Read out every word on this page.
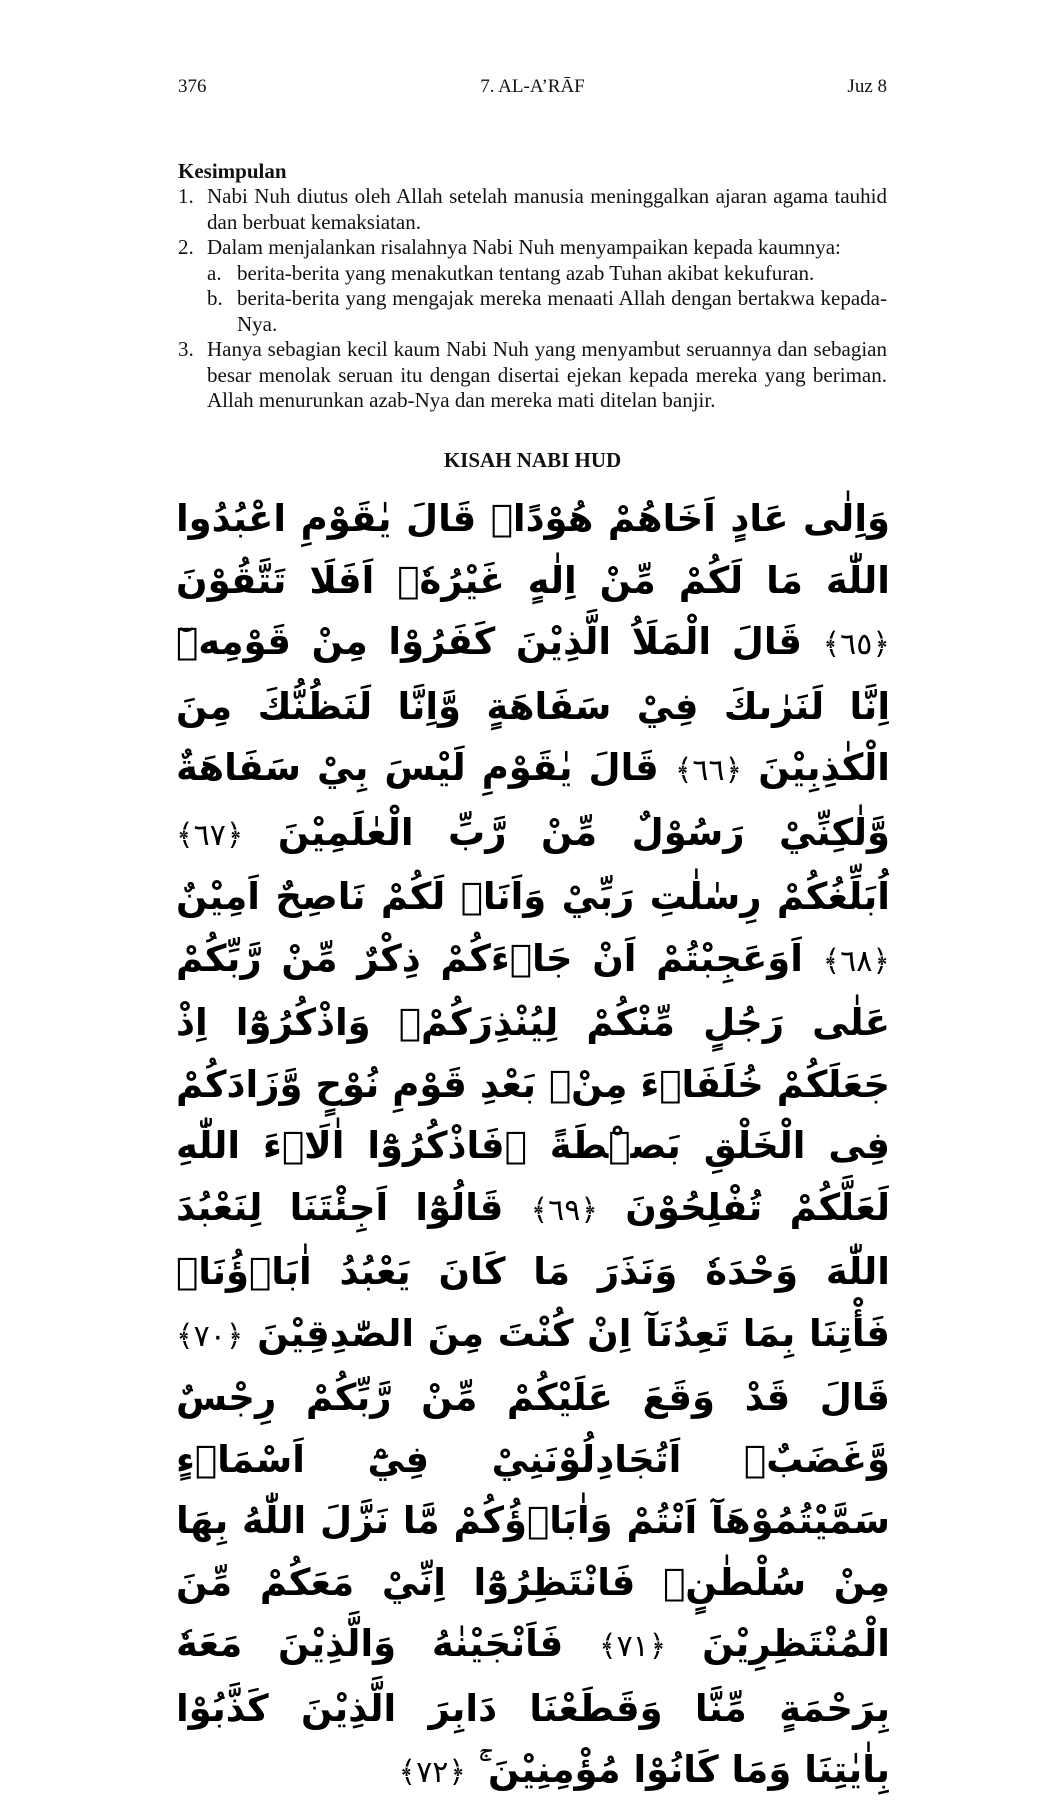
376	7. AL-A’RĀF	Juz 8
Kesimpulan
1. Nabi Nuh diutus oleh Allah setelah manusia meninggalkan ajaran agama tauhid dan berbuat kemaksiatan.
2. Dalam menjalankan risalahnya Nabi Nuh menyampaikan kepada kaumnya:
a. berita-berita yang menakutkan tentang azab Tuhan akibat kekufuran.
b. berita-berita yang mengajak mereka menaati Allah dengan bertakwa kepada-Nya.
3. Hanya sebagian kecil kaum Nabi Nuh yang menyambut seruannya dan sebagian besar menolak seruan itu dengan disertai ejekan kepada mereka yang beriman. Allah menurunkan azab-Nya dan mereka mati ditelan banjir.
KISAH NABI HUD
وَاِلٰى عَادٍ اَخَاهُمْ هُوْدًاۗ قَالَ يٰقَوْمِ اعْبُدُوا اللّٰهَ مَا لَكُمْ مِّنْ اِلٰهٍ غَيْرُهٗۗ اَفَلَا تَتَّقُوْنَ ﴿٦٥﴾ قَالَ الْمَلَاُ الَّذِيْنَ كَفَرُوْا مِنْ قَوْمِهٖٓ اِنَّا لَنَرٰىكَ فِيْ سَفَاهَةٍ وَّاِنَّا لَنَظُنُّكَ مِنَ الْكٰذِبِيْنَ ﴿٦٦﴾ قَالَ يٰقَوْمِ لَيْسَ بِيْ سَفَاهَةٌ وَّلٰكِنِّيْ رَسُوْلٌ مِّنْ رَّبِّ الْعٰلَمِيْنَ ﴿٦٧﴾ اُبَلِّغُكُمْ رِسٰلٰتِ رَبِّيْ وَاَنَا۠ لَكُمْ نَاصِحٌ اَمِيْنٌ ﴿٦٨﴾ اَوَعَجِبْتُمْ اَنْ جَاۤءَكُمْ ذِكْرٌ مِّنْ رَّبِّكُمْ عَلٰى رَجُلٍ مِّنْكُمْ لِيُنْذِرَكُمْۗ وَاذْكُرُوْٓا اِذْ جَعَلَكُمْ خُلَفَاۤءَ مِنْۢ بَعْدِ قَوْمِ نُوْحٍ وَّزَادَكُمْ فِى الْخَلْقِ بَصْۣطَةً ۚفَاذْكُرُوْٓا اٰلَاۤءَ اللّٰهِ لَعَلَّكُمْ تُفْلِحُوْنَ ﴿٦٩﴾ قَالُوْٓا اَجِئْتَنَا لِنَعْبُدَ اللّٰهَ وَحْدَهٗ وَنَذَرَ مَا كَانَ يَعْبُدُ اٰبَاۤؤُنَاۚ فَأْتِنَا بِمَا تَعِدُنَآ اِنْ كُنْتَ مِنَ الصّٰدِقِيْنَ ﴿٧٠﴾ قَالَ قَدْ وَقَعَ عَلَيْكُمْ مِّنْ رَّبِّكُمْ رِجْسٌ وَّغَضَبٌۗ اَتُجَادِلُوْنَنِيْ فِيْٓ اَسْمَاۤءٍ سَمَّيْتُمُوْهَآ اَنْتُمْ وَاٰبَاۤؤُكُمْ مَّا نَزَّلَ اللّٰهُ بِهَا مِنْ سُلْطٰنٍۗ فَانْتَظِرُوْٓا اِنِّيْ مَعَكُمْ مِّنَ الْمُنْتَظِرِيْنَ ﴿٧١﴾ فَاَنْجَيْنٰهُ وَالَّذِيْنَ مَعَهٗ بِرَحْمَةٍ مِّنَّا وَقَطَعْنَا دَابِرَ الَّذِيْنَ كَذَّبُوْا بِاٰيٰتِنَا وَمَا كَانُوْا مُؤْمِنِيْنَ ۚ ﴿٧٢﴾
